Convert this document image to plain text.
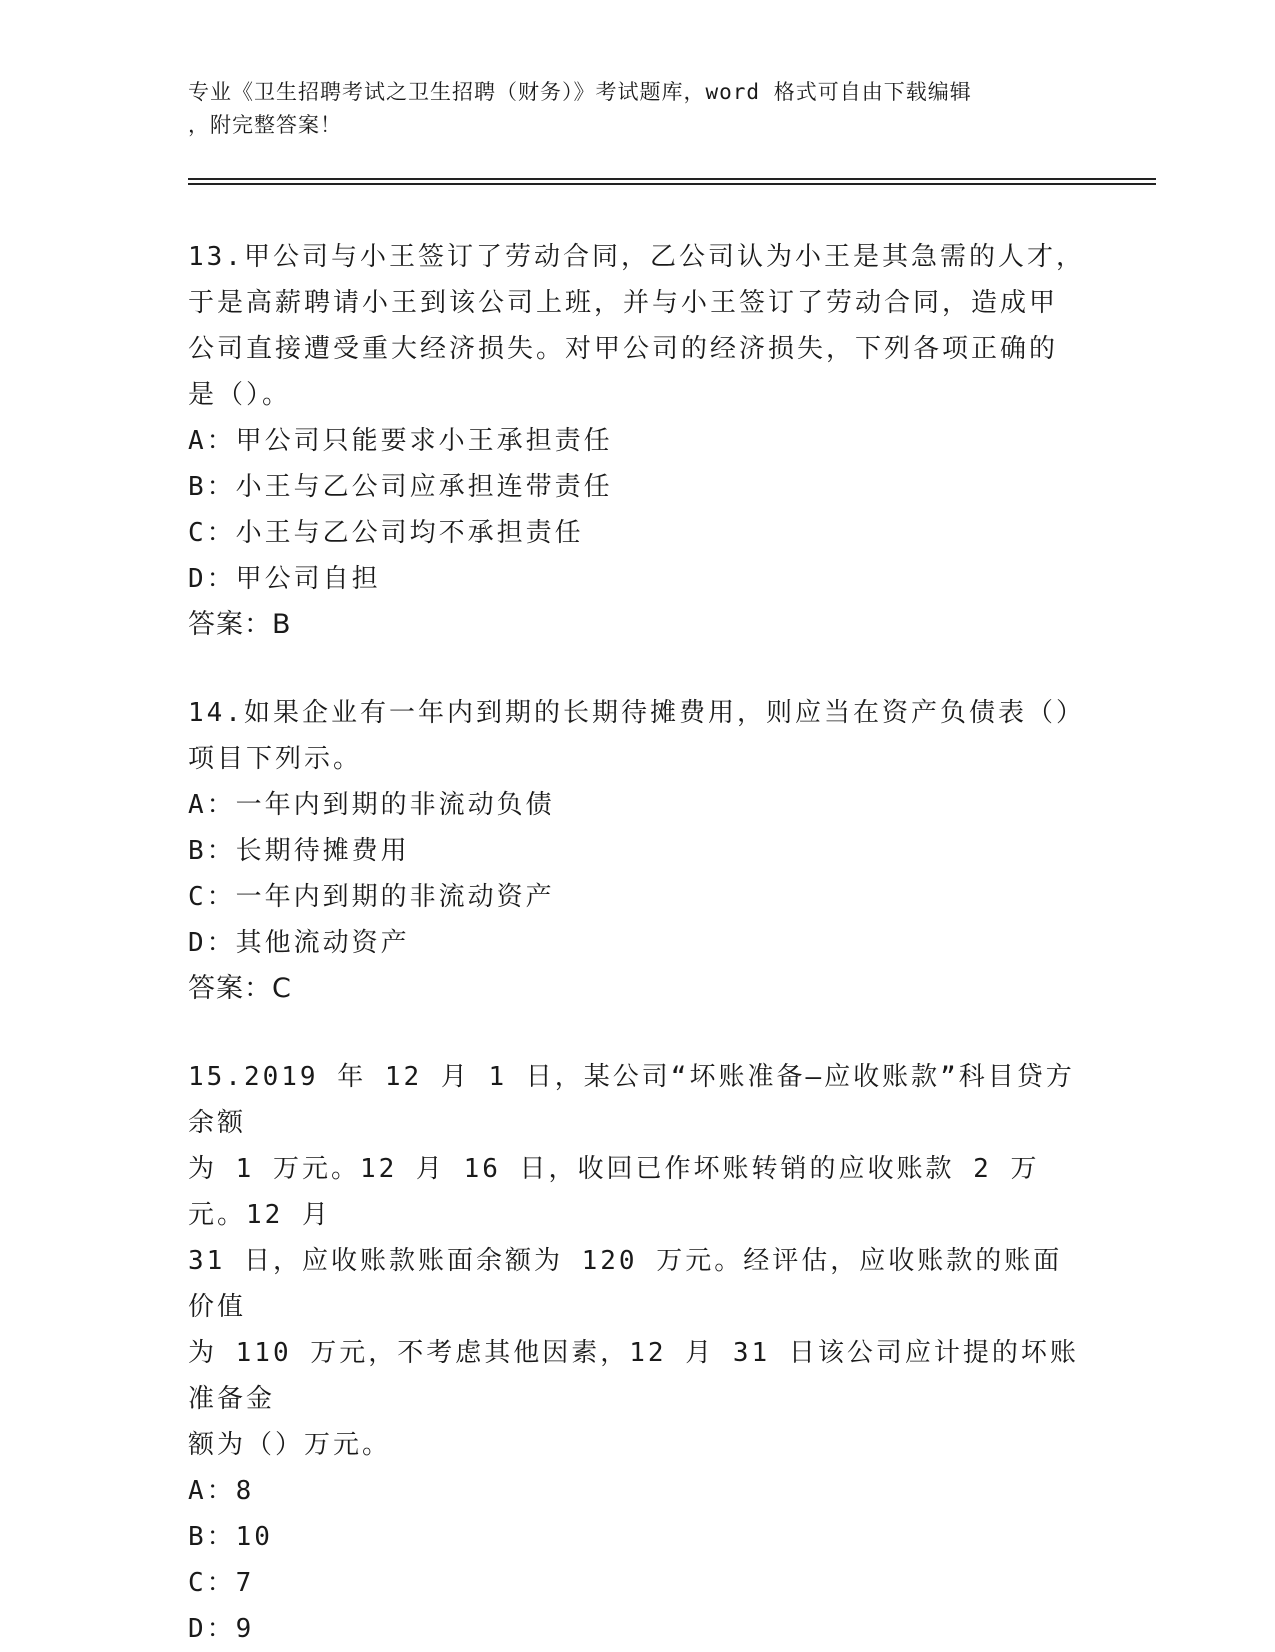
专业《卫生招聘考试之卫生招聘（财务）》考试题库，word 格式可自由下载编辑
，附完整答案！

13.甲公司与小王签订了劳动合同，乙公司认为小王是其急需的人才，

于是高薪聘请小王到该公司上班，并与小王签订了劳动合同，造成甲

公司直接遭受重大经济损失。对甲公司的经济损失，下列各项正确的

是（）。

A：甲公司只能要求小王承担责任

B：小王与乙公司应承担连带责任

C：小王与乙公司均不承担责任

D：甲公司自担

答案：B

14.如果企业有一年内到期的长期待摊费用，则应当在资产负债表（）

项目下列示。

A：一年内到期的非流动负债

B：长期待摊费用

C：一年内到期的非流动资产

D：其他流动资产

答案：C

15.2019 年 12 月 1 日，某公司“坏账准备—应收账款”科目贷方余额

为 1 万元。12 月 16 日，收回已作坏账转销的应收账款 2 万元。12 月

31 日，应收账款账面余额为 120 万元。经评估，应收账款的账面价值

为 110 万元，不考虑其他因素，12 月 31 日该公司应计提的坏账准备金

额为（）万元。

A：8

B：10

C：7

D：9
